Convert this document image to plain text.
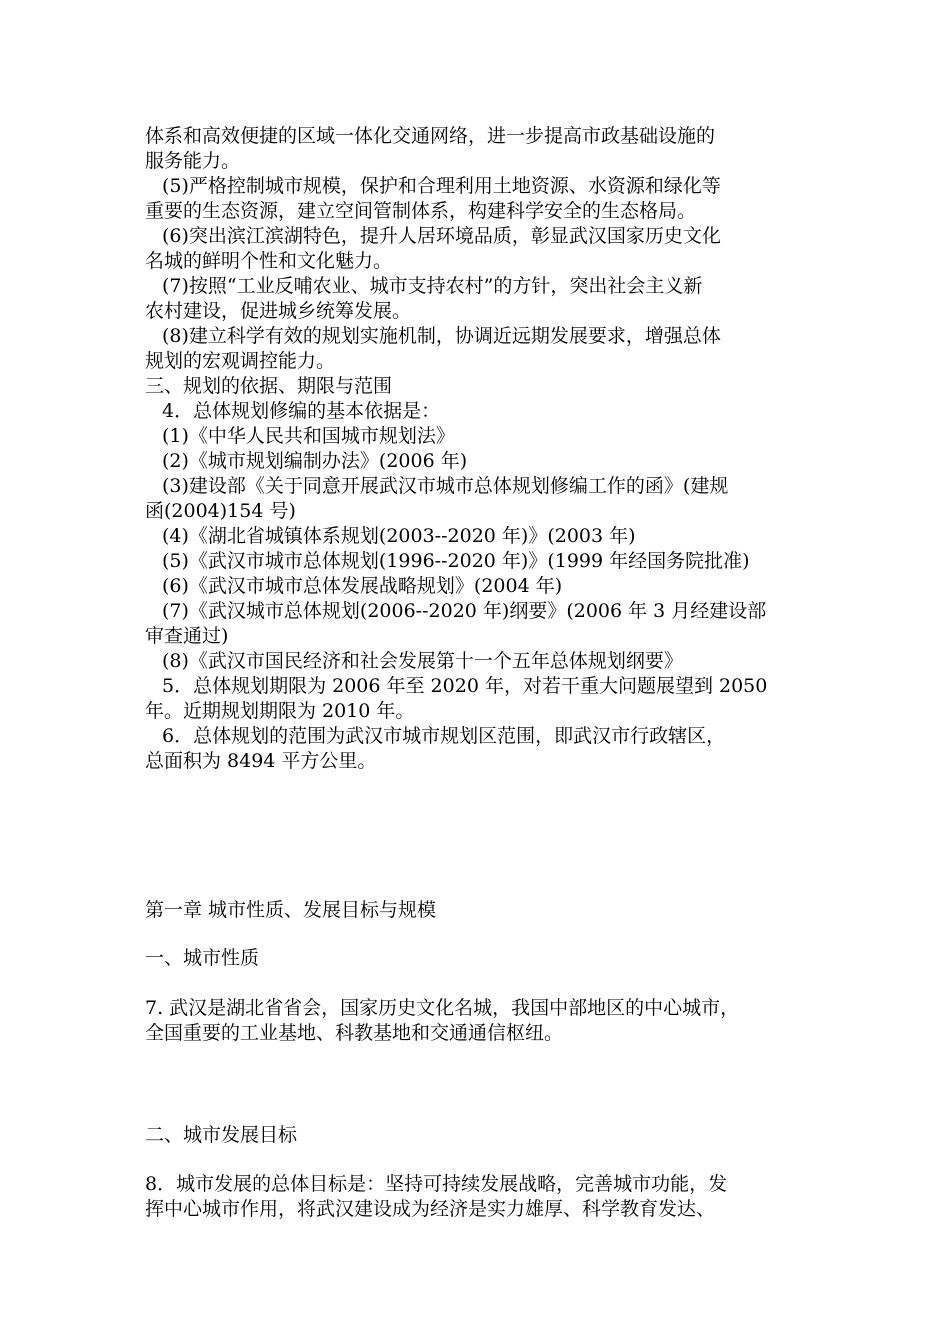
体系和高效便捷的区域一体化交通网络，进一步提高市政基础设施的
服务能力。
(5)严格控制城市规模，保护和合理利用土地资源、水资源和绿化等
重要的生态资源，建立空间管制体系，构建科学安全的生态格局。
(6)突出滨江滨湖特色，提升人居环境品质，彰显武汉国家历史文化
名城的鲜明个性和文化魅力。
(7)按照“工业反哺农业、城市支持农村”的方针，突出社会主义新
农村建设，促进城乡统筹发展。
(8)建立科学有效的规划实施机制，协调近远期发展要求，增强总体
规划的宏观调控能力。
三、规划的依据、期限与范围
4．总体规划修编的基本依据是：
(1)《中华人民共和国城市规划法》
(2)《城市规划编制办法》(2006 年)
(3)建设部《关于同意开展武汉市城市总体规划修编工作的函》(建规
函(2004)154 号)
(4)《湖北省城镇体系规划(2003--2020 年)》(2003 年)
(5)《武汉市城市总体规划(1996--2020 年)》(1999 年经国务院批准)
(6)《武汉市城市总体发展战略规划》(2004 年)
(7)《武汉城市总体规划(2006--2020 年)纲要》(2006 年 3 月经建设部
审查通过)
(8)《武汉市国民经济和社会发展第十一个五年总体规划纲要》
5．总体规划期限为 2006 年至 2020 年，对若干重大问题展望到 2050
年。近期规划期限为 2010 年。
6．总体规划的范围为武汉市城市规划区范围，即武汉市行政辖区，
总面积为 8494 平方公里。
第一章 城市性质、发展目标与规模
一、城市性质
7. 武汉是湖北省省会，国家历史文化名城，我国中部地区的中心城市，
全国重要的工业基地、科教基地和交通通信枢纽。
二、城市发展目标
8．城市发展的总体目标是：坚持可持续发展战略，完善城市功能，发
挥中心城市作用，将武汉建设成为经济是实力雄厚、科学教育发达、
